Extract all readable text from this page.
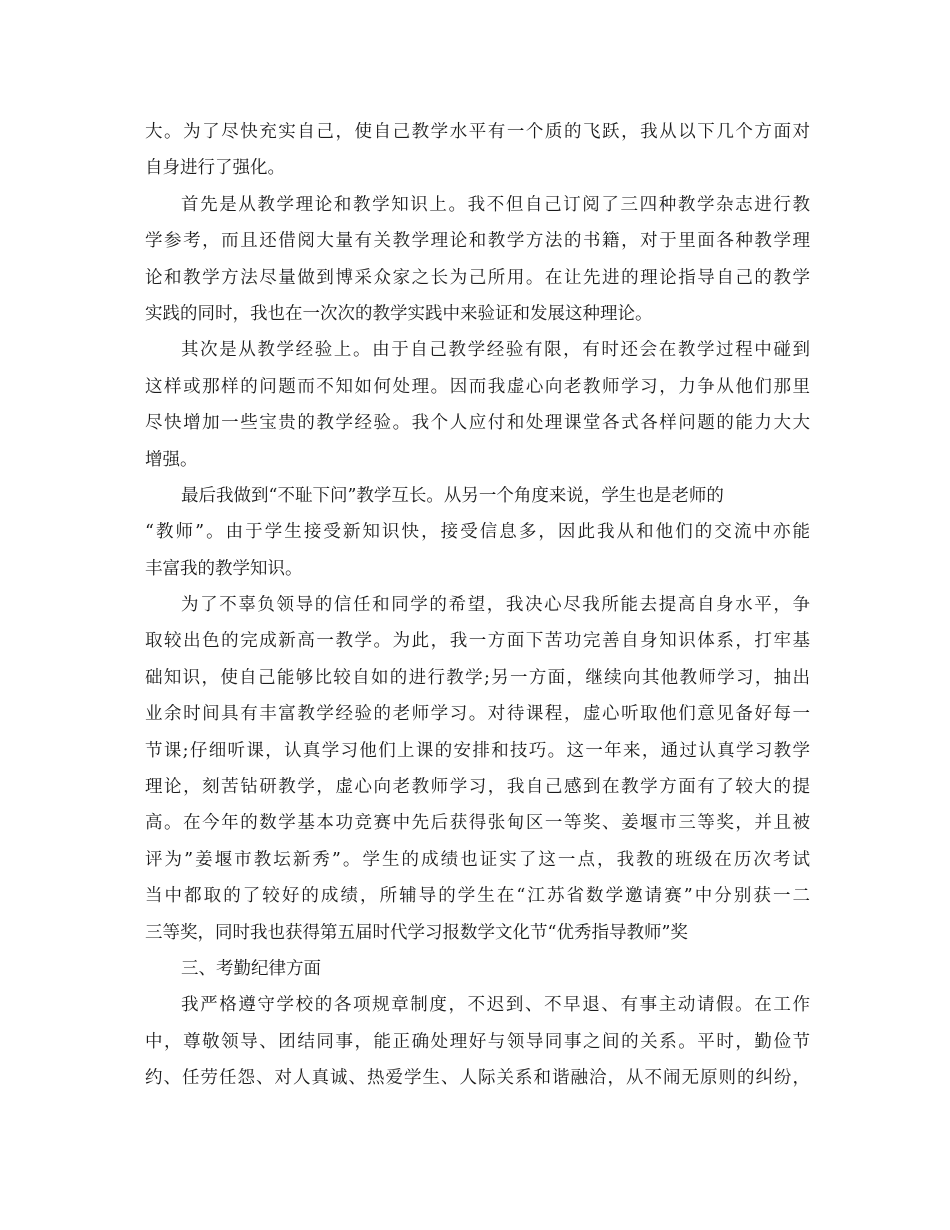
大。为了尽快充实自己，使自己教学水平有一个质的飞跃，我从以下几个方面对
自身进行了强化。
首先是从教学理论和教学知识上。我不但自己订阅了三四种教学杂志进行教
学参考，而且还借阅大量有关教学理论和教学方法的书籍，对于里面各种教学理
论和教学方法尽量做到博采众家之长为己所用。在让先进的理论指导自己的教学
实践的同时，我也在一次次的教学实践中来验证和发展这种理论。
其次是从教学经验上。由于自己教学经验有限，有时还会在教学过程中碰到
这样或那样的问题而不知如何处理。因而我虚心向老教师学习，力争从他们那里
尽快增加一些宝贵的教学经验。我个人应付和处理课堂各式各样问题的能力大大
增强。
最后我做到“不耻下问”教学互长。从另一个角度来说，学生也是老师的
“教师”。由于学生接受新知识快，接受信息多，因此我从和他们的交流中亦能
丰富我的教学知识。
为了不辜负领导的信任和同学的希望，我决心尽我所能去提高自身水平，争
取较出色的完成新高一教学。为此，我一方面下苦功完善自身知识体系，打牢基
础知识，使自己能够比较自如的进行教学;另一方面，继续向其他教师学习，抽出
业余时间具有丰富教学经验的老师学习。对待课程，虚心听取他们意见备好每一
节课;仔细听课，认真学习他们上课的安排和技巧。这一年来，通过认真学习教学
理论，刻苦钻研教学，虚心向老教师学习，我自己感到在教学方面有了较大的提
高。在今年的数学基本功竞赛中先后获得张甸区一等奖、姜堰市三等奖，并且被
评为”姜堰市教坛新秀”。学生的成绩也证实了这一点，我教的班级在历次考试
当中都取的了较好的成绩，所辅导的学生在“江苏省数学邀请赛”中分别获一二
三等奖，同时我也获得第五届时代学习报数学文化节“优秀指导教师”奖
三、考勤纪律方面
我严格遵守学校的各项规章制度，不迟到、不早退、有事主动请假。在工作
中，尊敬领导、团结同事，能正确处理好与领导同事之间的关系。平时，勤俭节
约、任劳任怨、对人真诚、热爱学生、人际关系和谐融洽，从不闹无原则的纠纷，
